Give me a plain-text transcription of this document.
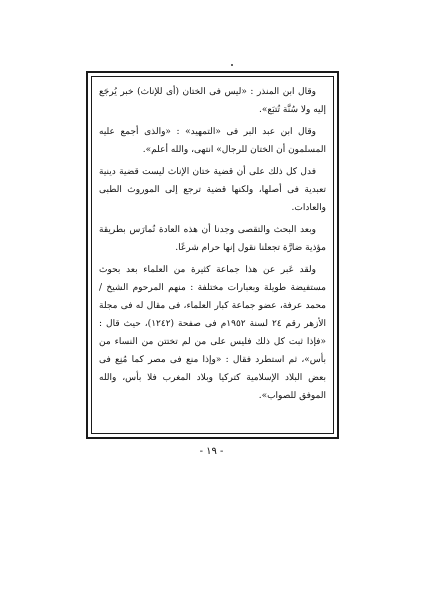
وقال ابن المنذر : «ليس فى الختان (أى للإناث) خبر يُرجَع إليه ولا سُنَّة تُتبَع».

وقال ابن عبد البر فى «التمهيد» : «والذى أجمع عليه المسلمون أن الختان للرجال» انتهى، والله أعلم».

فدل كل ذلك على أن قضية ختان الإناث ليست قضية دينية تعبدية فى أصلها، ولكنها قضية ترجع إلى الموروث الطبى والعادات.

وبعد البحث والتقصى وجدنا أن هذه العادة تُمارَس بطريقة مؤذية ضارَّة تجعلنا نقول إنها حرام شرعًا.

ولقد عَبر عن هذا جماعة كثيرة من العلماء بعد بحوث مستفيضة طويلة وبعبارات مختلفة : منهم المرحوم الشيخ / محمد عرفة، عضو جماعة كبار العلماء، فى مقال له فى مجلة الأزهر رقم ٢٤ لسنة ١٩٥٢م فى صفحة (١٢٤٢)، حيث قال : «فإذا ثبت كل ذلك فليس على من لم تختتن من النساء من بأس»، ثم استطرد فقال : «وإذا منع فى مصر كما مُنِع فى بعض البلاد الإسلامية كتركيا وبلاد المغرب فلا بأس، والله الموفق للصواب».

- ١٩ -
